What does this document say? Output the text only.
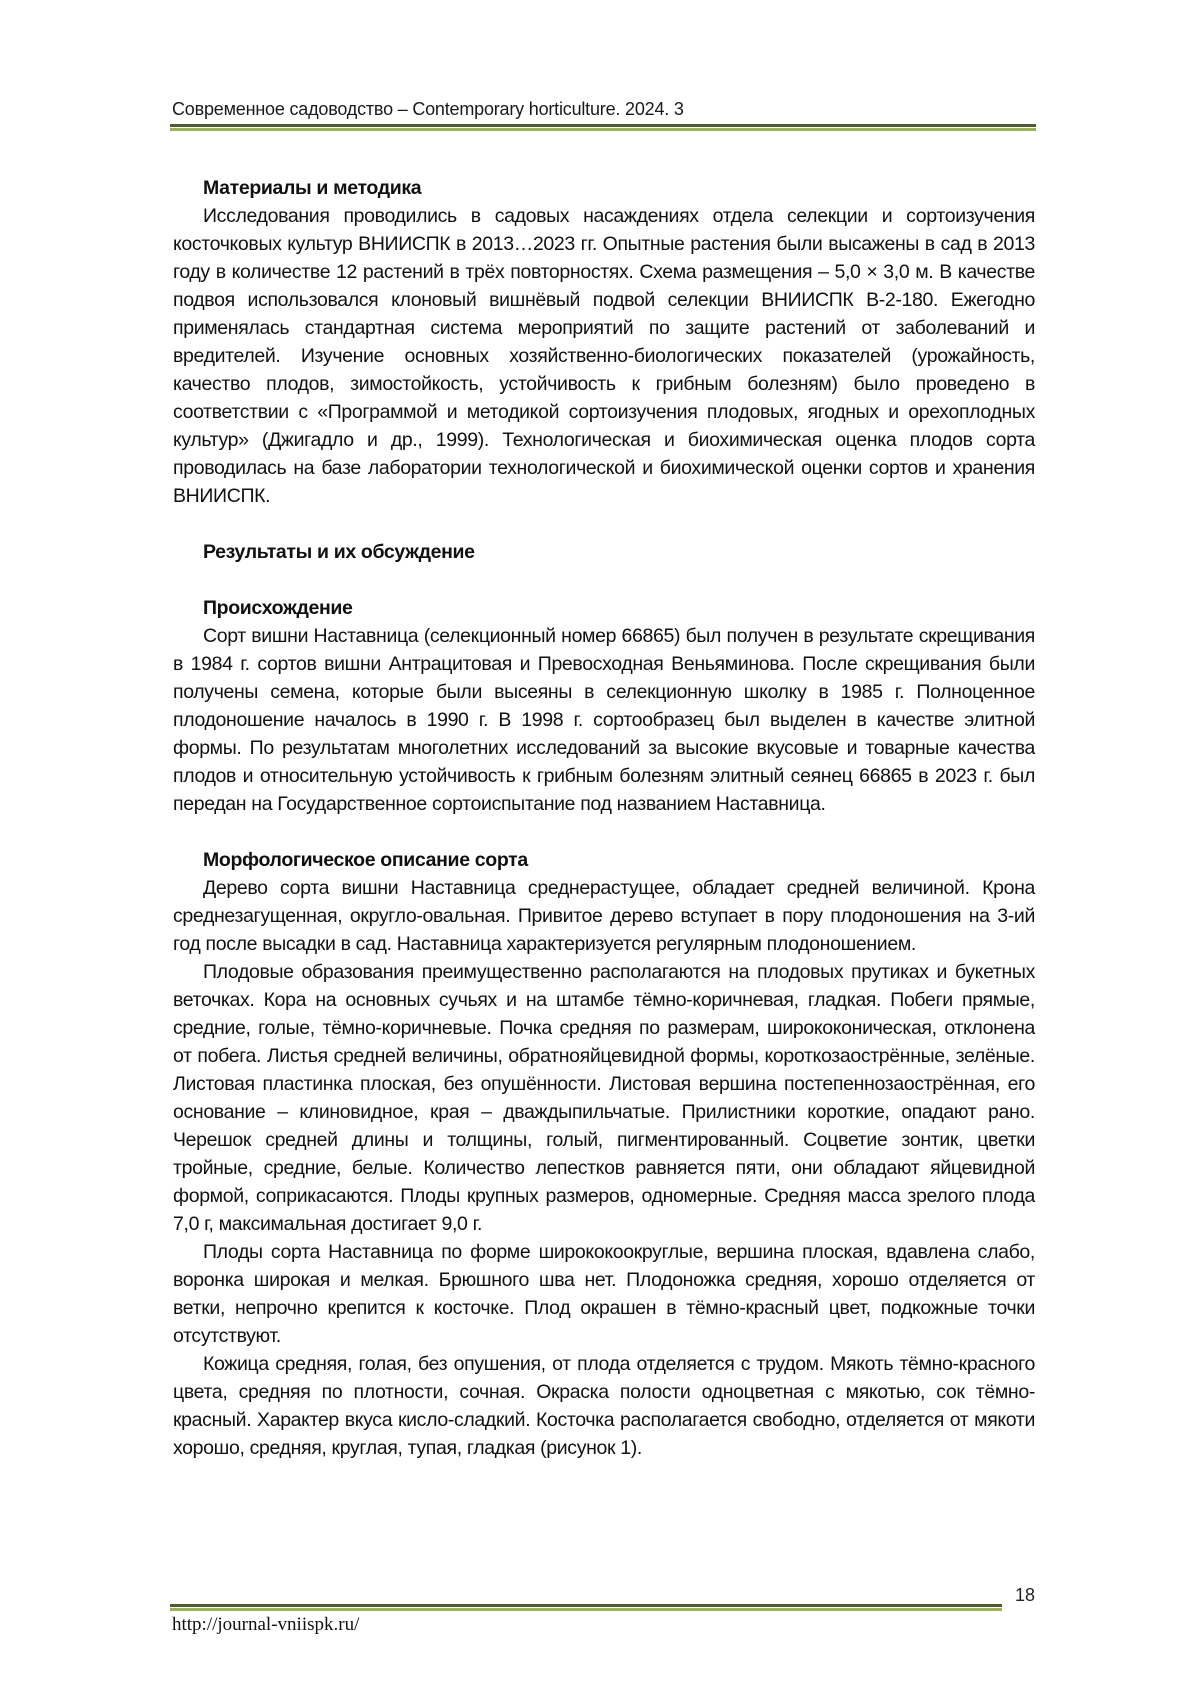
Современное садоводство – Contemporary horticulture. 2024. 3
Материалы и методика

Исследования проводились в садовых насаждениях отдела селекции и сортоизучения косточковых культур ВНИИСПК в 2013…2023 гг. Опытные растения были высажены в сад в 2013 году в количестве 12 растений в трёх повторностях. Схема размещения – 5,0 × 3,0 м. В качестве подвоя использовался клоновый вишнёвый подвой селекции ВНИИСПК В-2-180. Ежегодно применялась стандартная система мероприятий по защите растений от заболеваний и вредителей. Изучение основных хозяйственно-биологических показателей (урожайность, качество плодов, зимостойкость, устойчивость к грибным болезням) было проведено в соответствии с «Программой и методикой сортоизучения плодовых, ягодных и орехоплодных культур» (Джигадло и др., 1999). Технологическая и биохимическая оценка плодов сорта проводилась на базе лаборатории технологической и биохимической оценки сортов и хранения ВНИИСПК.

Результаты и их обсуждение
Происхождение

Сорт вишни Наставница (селекционный номер 66865) был получен в результате скрещивания в 1984 г. сортов вишни Антрацитовая и Превосходная Веньяминова. После скрещивания были получены семена, которые были высеяны в селекционную школку в 1985 г. Полноценное плодоношение началось в 1990 г. В 1998 г. сортообразец был выделен в качестве элитной формы. По результатам многолетних исследований за высокие вкусовые и товарные качества плодов и относительную устойчивость к грибным болезням элитный сеянец 66865 в 2023 г. был передан на Государственное сортоиспытание под названием Наставница.

Морфологическое описание сорта

Дерево сорта вишни Наставница среднерастущее, обладает средней величиной. Крона среднезагущенная, округло-овальная. Привитое дерево вступает в пору плодоношения на 3-ий год после высадки в сад. Наставница характеризуется регулярным плодоношением.

Плодовые образования преимущественно располагаются на плодовых прутиках и букетных веточках. Кора на основных сучьях и на штамбе тёмно-коричневая, гладкая. Побеги прямые, средние, голые, тёмно-коричневые. Почка средняя по размерам, ширококоническая, отклонена от побега. Листья средней величины, обратнояйцевидной формы, короткозаострённые, зелёные. Листовая пластинка плоская, без опушённости. Листовая вершина постепеннозаострённая, его основание – клиновидное, края – дваждыпильчатые. Прилистники короткие, опадают рано. Черешок средней длины и толщины, голый, пигментированный. Соцветие зонтик, цветки тройные, средние, белые. Количество лепестков равняется пяти, они обладают яйцевидной формой, соприкасаются. Плоды крупных размеров, одномерные. Средняя масса зрелого плода 7,0 г, максимальная достигает 9,0 г.

Плоды сорта Наставница по форме ширококоокруглые, вершина плоская, вдавлена слабо, воронка широкая и мелкая. Брюшного шва нет. Плодоножка средняя, хорошо отделяется от ветки, непрочно крепится к косточке. Плод окрашен в тёмно-красный цвет, подкожные точки отсутствуют.

Кожица средняя, голая, без опушения, от плода отделяется с трудом. Мякоть тёмно-красного цвета, средняя по плотности, сочная. Окраска полости одноцветная с мякотью, сок тёмно-красный. Характер вкуса кисло-сладкий. Косточка располагается свободно, отделяется от мякоти хорошо, средняя, круглая, тупая, гладкая (рисунок 1).

18
http://journal-vniispk.ru/
